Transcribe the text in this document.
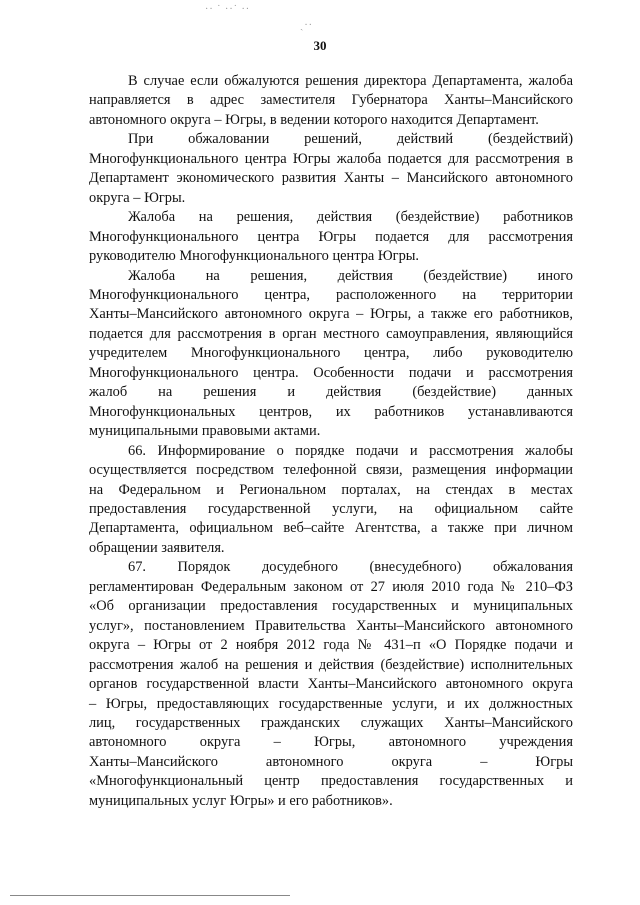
·· ˙ ··˙ ··
ˎ··
30

В случае если обжалуются решения директора Департамента, жалоба
направляется в адрес заместителя Губернатора Ханты–Мансийского
автономного округа – Югры, в ведении которого находится Департамент.

При обжаловании решений, действий (бездействий)
Многофункционального центра Югры жалоба подается для рассмотрения в
Департамент экономического развития Ханты – Мансийского автономного
округа – Югры.

Жалоба на решения, действия (бездействие) работников
Многофункционального центра Югры подается для рассмотрения
руководителю Многофункционального центра Югры.

Жалоба на решения, действия (бездействие) иного
Многофункционального центра, расположенного на территории
Ханты–Мансийского автономного округа – Югры, а также его работников,
подается для рассмотрения в орган местного самоуправления, являющийся
учредителем Многофункционального центра, либо руководителю
Многофункционального центра. Особенности подачи и рассмотрения
жалоб на решения и действия (бездействие) данных
Многофункциональных центров, их работников устанавливаются
муниципальными правовыми актами.

66. Информирование о порядке подачи и рассмотрения жалобы
осуществляется посредством телефонной связи, размещения информации
на Федеральном и Региональном порталах, на стендах в местах
предоставления государственной услуги, на официальном сайте
Департамента, официальном веб–сайте Агентства, а также при личном
обращении заявителя.

67. Порядок досудебного (внесудебного) обжалования
регламентирован Федеральным законом от 27 июля 2010 года № 210–ФЗ
«Об организации предоставления государственных и муниципальных
услуг», постановлением Правительства Ханты–Мансийского автономного
округа – Югры от 2 ноября 2012 года № 431–п «О Порядке подачи и
рассмотрения жалоб на решения и действия (бездействие) исполнительных
органов государственной власти Ханты–Мансийского автономного округа
– Югры, предоставляющих государственные услуги, и их должностных
лиц, государственных гражданских служащих Ханты–Мансийского
автономного округа – Югры, автономного учреждения
Ханты–Мансийского автономного округа – Югры
«Многофункциональный центр предоставления государственных и
муниципальных услуг Югры» и его работников».
